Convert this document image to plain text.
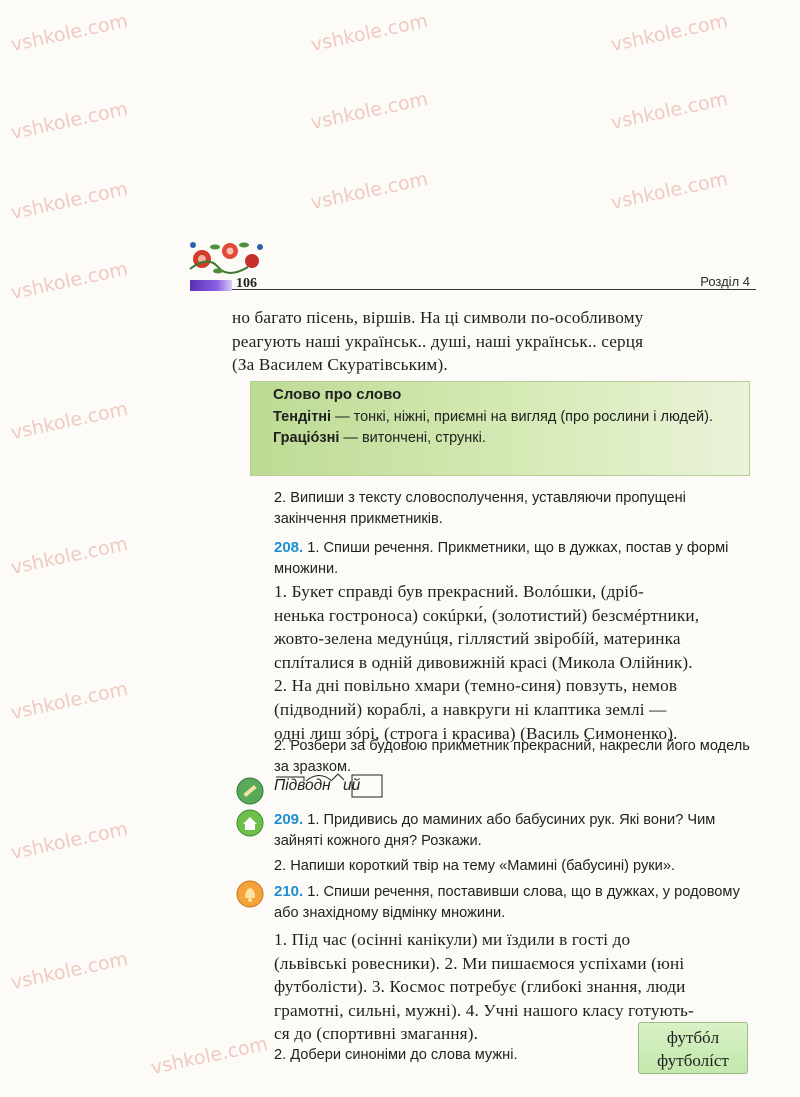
vshkole.com	vshkole.com	vshkole.com
vshkole.com	vshkole.com	vshkole.com
vshkole.com	vshkole.com	vshkole.com
vshkole.com
vshkole.com
vshkole.com
vshkole.com
vshkole.com
vshkole.com
vshkole.com
106	Розділ 4
но багато пісень, віршів. На ці символи по-особливому
реагують наші українськ.. душі, наші українськ.. серця
(За Василем Скуратівським).
Слово про слово
Тендітні — тонкі, ніжні, приємні на вигляд (про рослини і людей).
Граціóзні — витончені, стрункі.
2. Випиши з тексту словосполучення, уставляючи пропущені закінчення прикметників.
208. 1. Спиши речення. Прикметники, що в дужках, постав у формі множини.
1. Букет справді був прекрасний. Волóшки, (дріб-
ненька гостроноса) сокúрки́, (золотистий) безсмéртники,
жовто-зелена медунúця, гіллястий звіробíй, материнка
сплíталися в одній дивовижній красі (Микола Олійник).
2. На дні повільно хмари (темно-синя) повзуть, немов
(підводний) кораблі, а навкруги ні клаптика землі —
одні лиш зóрі, (строга і красива) (Василь Симоненко).
2. Розбери за будовою прикметник прекрасний, накресли його модель за зразком.
Підводн ий
209. 1. Придивись до маминих або бабусиних рук. Які вони? Чим зайняті кожного дня? Розкажи.
2. Напиши короткий твір на тему «Мамині (бабусині) руки».
210. 1. Спиши речення, поставивши слова, що в дужках, у родовому або знахідному відмінку множини.
1. Під час (осінні канікули) ми їздили в гості до
(львівські ровесники). 2. Ми пишаємося успіхами (юні
футболісти). 3. Космос потребує (глибокі знання, люди
грамотні, сильні, мужні). 4. Учні нашого класу готують-
ся до (спортивні змагання).
2. Добери синоніми до слова мужні.
футбóл
футболíст
